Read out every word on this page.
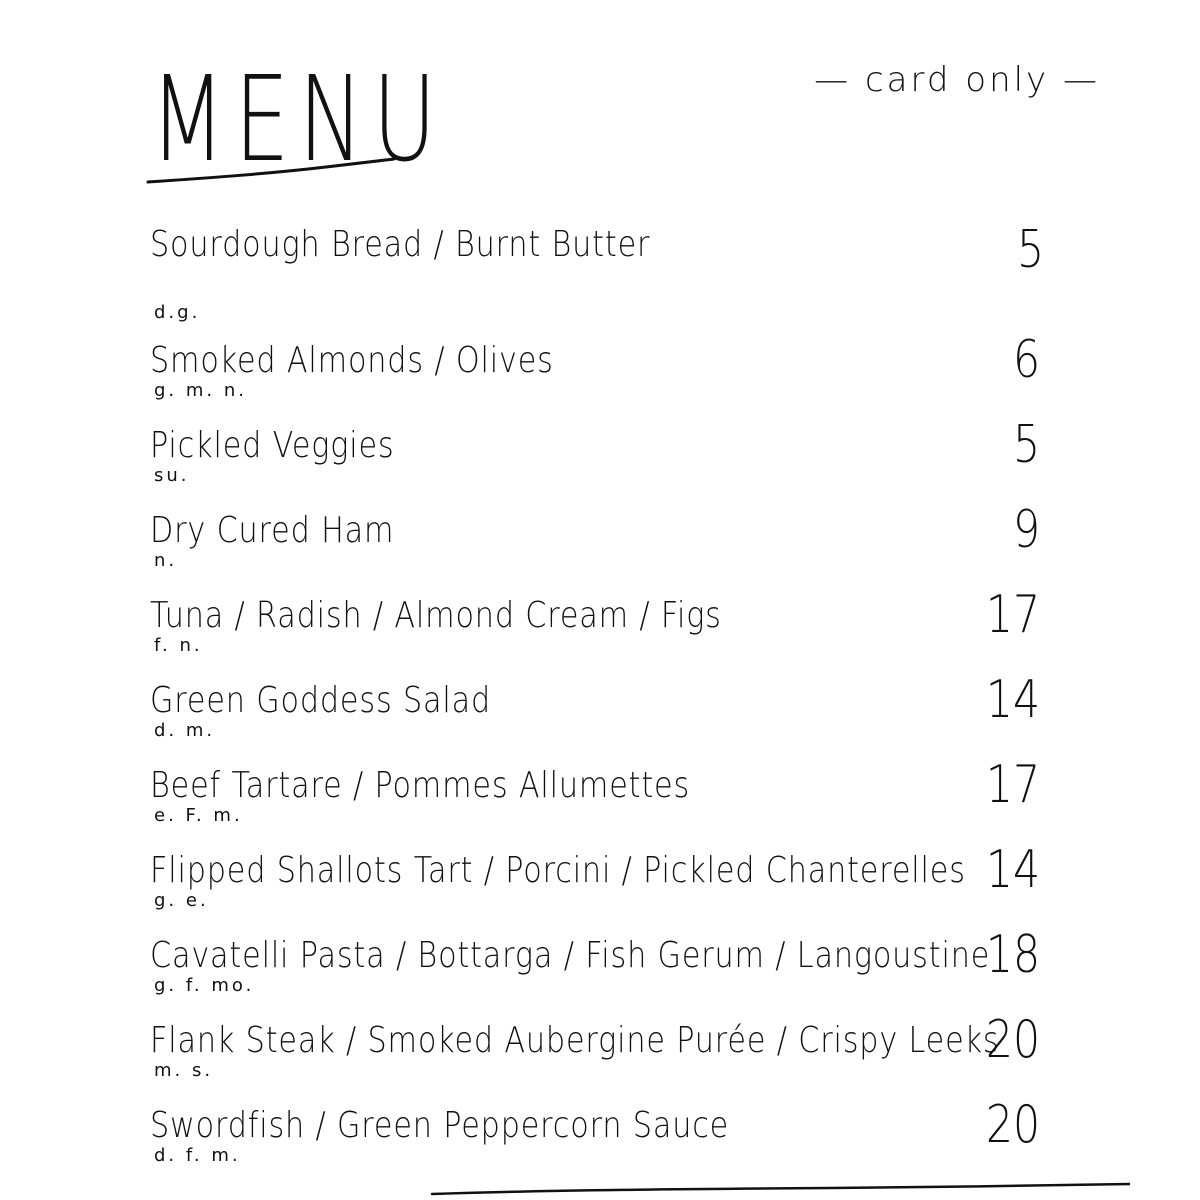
MENU	— card only —
Sourdough Bread / Burnt Butter
d.g.
5
Smoked Almonds / Olives
g. m. n.
6
Pickled Veggies
su.
5
Dry Cured Ham
n.
9
Tuna / Radish / Almond Cream / Figs
f. n.
17
Green Goddess Salad
d. m.
14
Beef Tartare / Pommes Allumettes
e. F. m.
17
Flipped Shallots Tart / Porcini / Pickled Chanterelles
g. e.
14
Cavatelli Pasta / Bottarga / Fish Gerum / Langoustine
g. f. mo.
18
Flank Steak / Smoked Aubergine Purée / Crispy Leeks
m. s.
20
Swordfish / Green Peppercorn Sauce
d. f. m.
20
